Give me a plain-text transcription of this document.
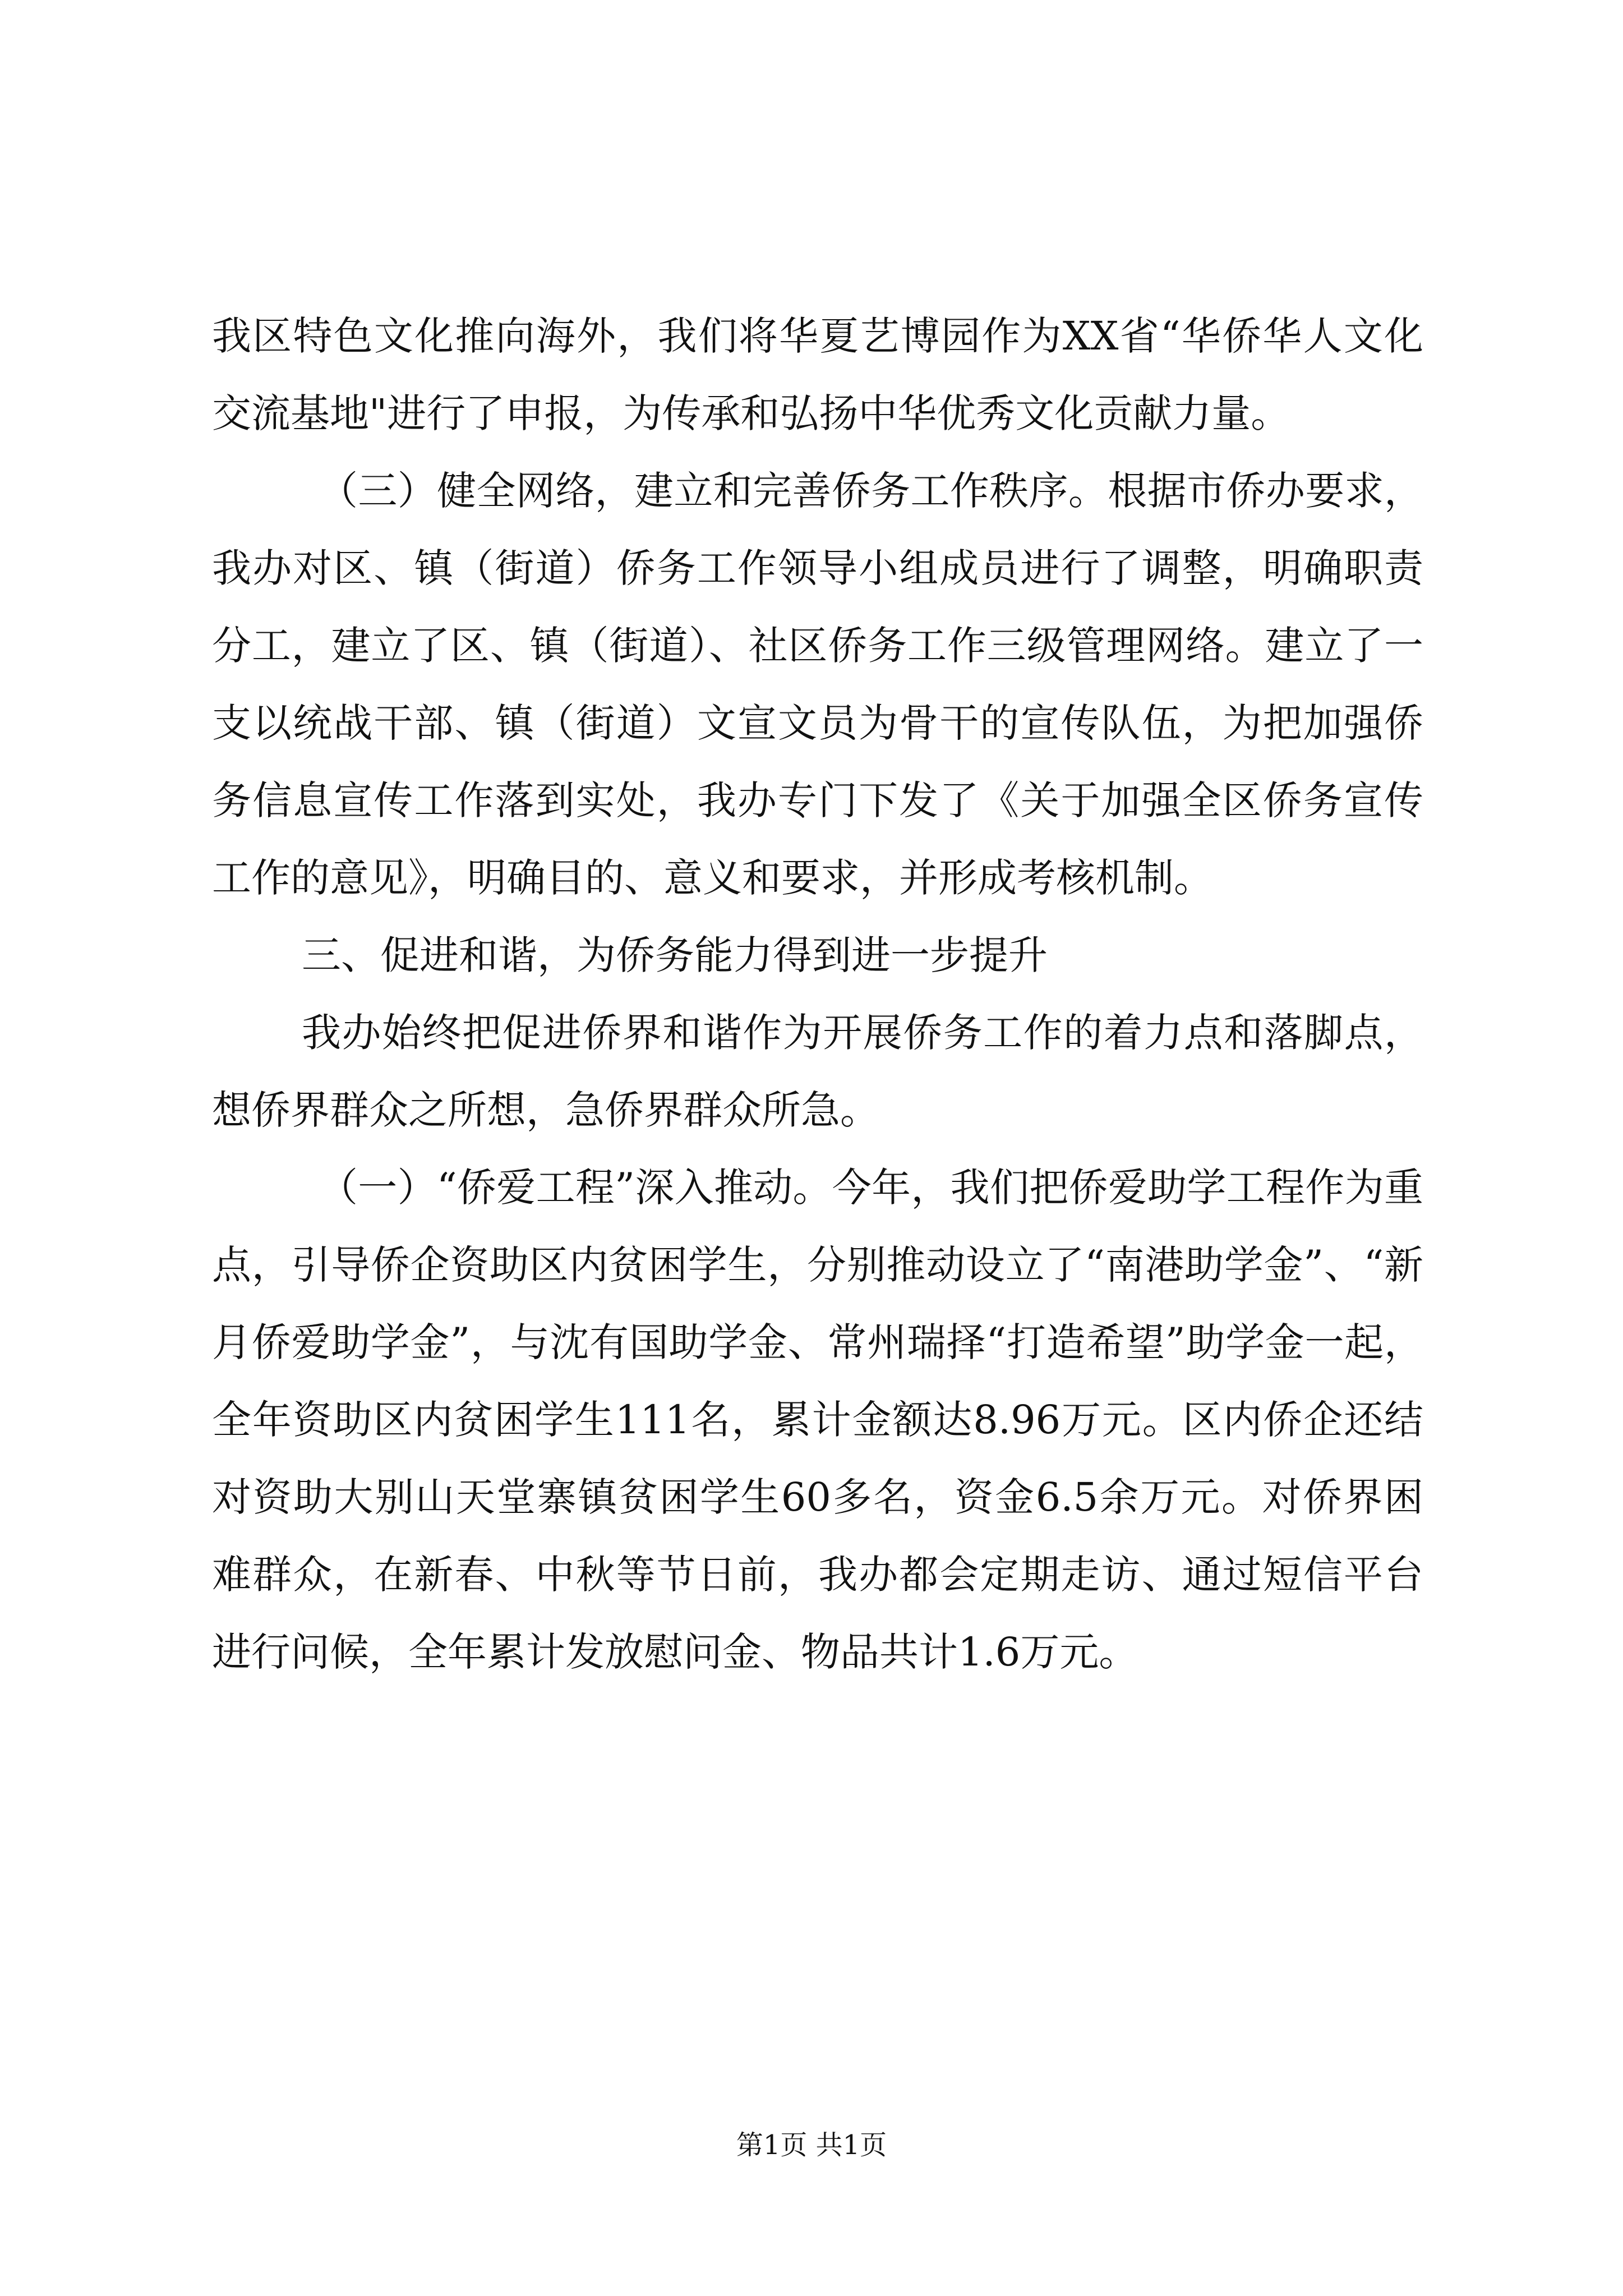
我区特色文化推向海外，我们将华夏艺博园作为XX省“华侨华人文化交流基地"进行了申报，为传承和弘扬中华优秀文化贡献力量。

（三）健全网络，建立和完善侨务工作秩序。根据市侨办要求，我办对区、镇（街道）侨务工作领导小组成员进行了调整，明确职责分工，建立了区、镇（街道）、社区侨务工作三级管理网络。建立了一支以统战干部、镇（街道）文宣文员为骨干的宣传队伍，为把加强侨务信息宣传工作落到实处，我办专门下发了《关于加强全区侨务宣传工作的意见》，明确目的、意义和要求，并形成考核机制。

三、促进和谐，为侨务能力得到进一步提升

我办始终把促进侨界和谐作为开展侨务工作的着力点和落脚点，想侨界群众之所想，急侨界群众所急。

（一）“侨爱工程”深入推动。今年，我们把侨爱助学工程作为重点，引导侨企资助区内贫困学生，分别推动设立了“南港助学金”、“新月侨爱助学金”，与沈有国助学金、常州瑞择“打造希望”助学金一起，全年资助区内贫困学生111名，累计金额达8.96万元。区内侨企还结对资助大别山天堂寨镇贫困学生60多名，资金6.5余万元。对侨界困难群众，在新春、中秋等节日前，我办都会定期走访、通过短信平台进行问候，全年累计发放慰问金、物品共计1.6万元。

第1页 共1页
